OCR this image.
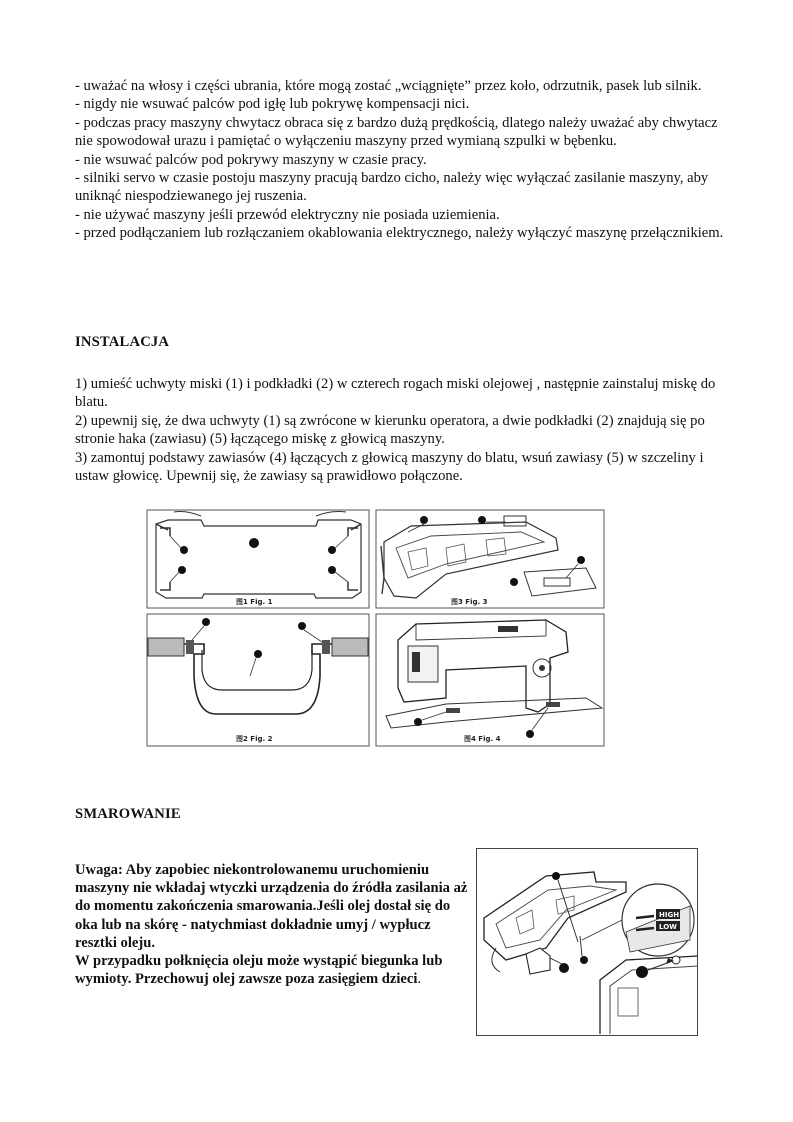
- uważać na włosy i części ubrania, które mogą zostać „wciągnięte” przez koło, odrzutnik, pasek lub silnik.

- nigdy nie wsuwać palców pod igłę lub pokrywę kompensacji nici.

- podczas pracy maszyny chwytacz obraca się z bardzo dużą prędkością, dlatego należy uważać aby chwytacz nie spowodował urazu i pamiętać o wyłączeniu maszyny przed wymianą szpulki w bębenku.

- nie wsuwać palców pod pokrywy maszyny w czasie pracy.

- silniki servo w czasie postoju maszyny pracują bardzo cicho, należy więc wyłączać zasilanie maszyny, aby uniknąć niespodziewanego jej ruszenia.

- nie używać maszyny jeśli przewód elektryczny nie posiada uziemienia.

- przed podłączaniem lub rozłączaniem okablowania elektrycznego, należy wyłączyć maszynę przełącznikiem.

INSTALACJA

1) umieść uchwyty miski (1) i podkładki (2) w czterech rogach miski olejowej , następnie zainstaluj miskę do blatu.

2) upewnij się, że dwa uchwyty (1) są zwrócone w kierunku operatora, a dwie podkładki (2) znajdują się po stronie haka (zawiasu) (5) łączącego miskę z głowicą maszyny.

3) zamontuj podstawy zawiasów (4) łączących z głowicą maszyny do blatu, wsuń zawiasy (5) w szczeliny i ustaw głowicę. Upewnij się, że zawiasy są prawidłowo połączone.

图1 Fig. 1
图2 Fig. 2
图3 Fig. 3
图4 Fig. 4
SMAROWANIE

Uwaga: Aby zapobiec niekontrolowanemu uruchomieniu maszyny nie wkładaj wtyczki urządzenia do źródła zasilania aż do momentu zakończenia smarowania.Jeśli olej dostał się do oka lub na skórę - natychmiast dokładnie umyj / wypłucz resztki oleju.

W przypadku połknięcia oleju może wystąpić biegunka lub wymioty. Przechowuj olej zawsze poza zasięgiem dzieci.

HIGH
LOW
